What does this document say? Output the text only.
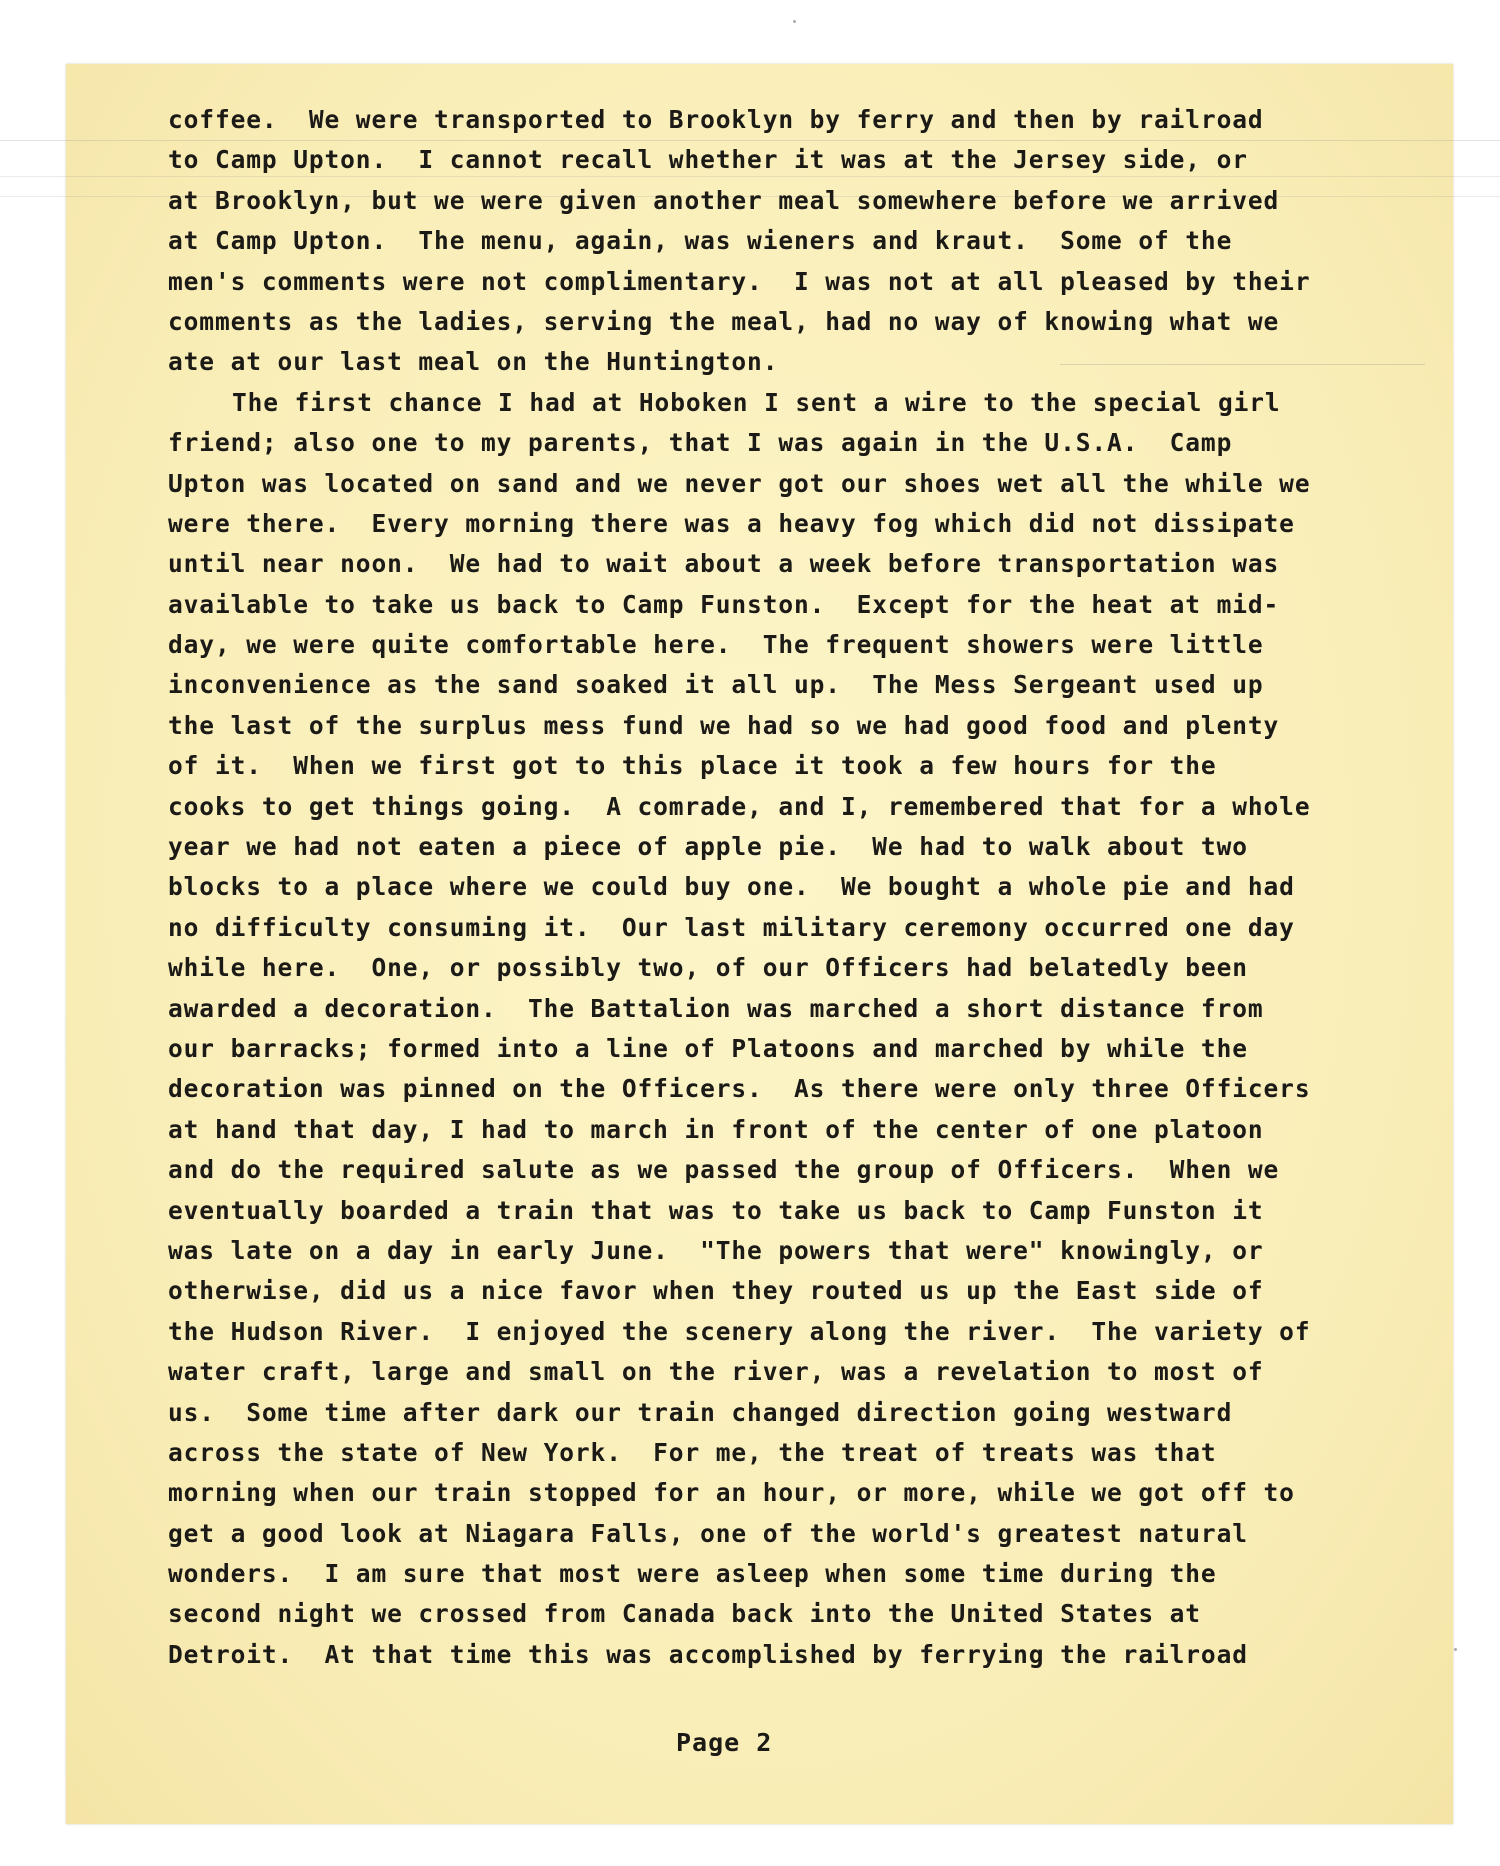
coffee.  We were transported to Brooklyn by ferry and then by railroad
to Camp Upton.  I cannot recall whether it was at the Jersey side, or
at Brooklyn, but we were given another meal somewhere before we arrived
at Camp Upton.  The menu, again, was wieners and kraut.  Some of the
men's comments were not complimentary.  I was not at all pleased by their
comments as the ladies, serving the meal, had no way of knowing what we
ate at our last meal on the Huntington.
The first chance I had at Hoboken I sent a wire to the special girl
friend; also one to my parents, that I was again in the U.S.A.  Camp
Upton was located on sand and we never got our shoes wet all the while we
were there.  Every morning there was a heavy fog which did not dissipate
until near noon.  We had to wait about a week before transportation was
available to take us back to Camp Funston.  Except for the heat at mid-
day, we were quite comfortable here.  The frequent showers were little
inconvenience as the sand soaked it all up.  The Mess Sergeant used up
the last of the surplus mess fund we had so we had good food and plenty
of it.  When we first got to this place it took a few hours for the
cooks to get things going.  A comrade, and I, remembered that for a whole
year we had not eaten a piece of apple pie.  We had to walk about two
blocks to a place where we could buy one.  We bought a whole pie and had
no difficulty consuming it.  Our last military ceremony occurred one day
while here.  One, or possibly two, of our Officers had belatedly been
awarded a decoration.  The Battalion was marched a short distance from
our barracks; formed into a line of Platoons and marched by while the
decoration was pinned on the Officers.  As there were only three Officers
at hand that day, I had to march in front of the center of one platoon
and do the required salute as we passed the group of Officers.  When we
eventually boarded a train that was to take us back to Camp Funston it
was late on a day in early June.  "The powers that were" knowingly, or
otherwise, did us a nice favor when they routed us up the East side of
the Hudson River.  I enjoyed the scenery along the river.  The variety of
water craft, large and small on the river, was a revelation to most of
us.  Some time after dark our train changed direction going westward
across the state of New York.  For me, the treat of treats was that
morning when our train stopped for an hour, or more, while we got off to
get a good look at Niagara Falls, one of the world's greatest natural
wonders.  I am sure that most were asleep when some time during the
second night we crossed from Canada back into the United States at
Detroit.  At that time this was accomplished by ferrying the railroad
Page 2
